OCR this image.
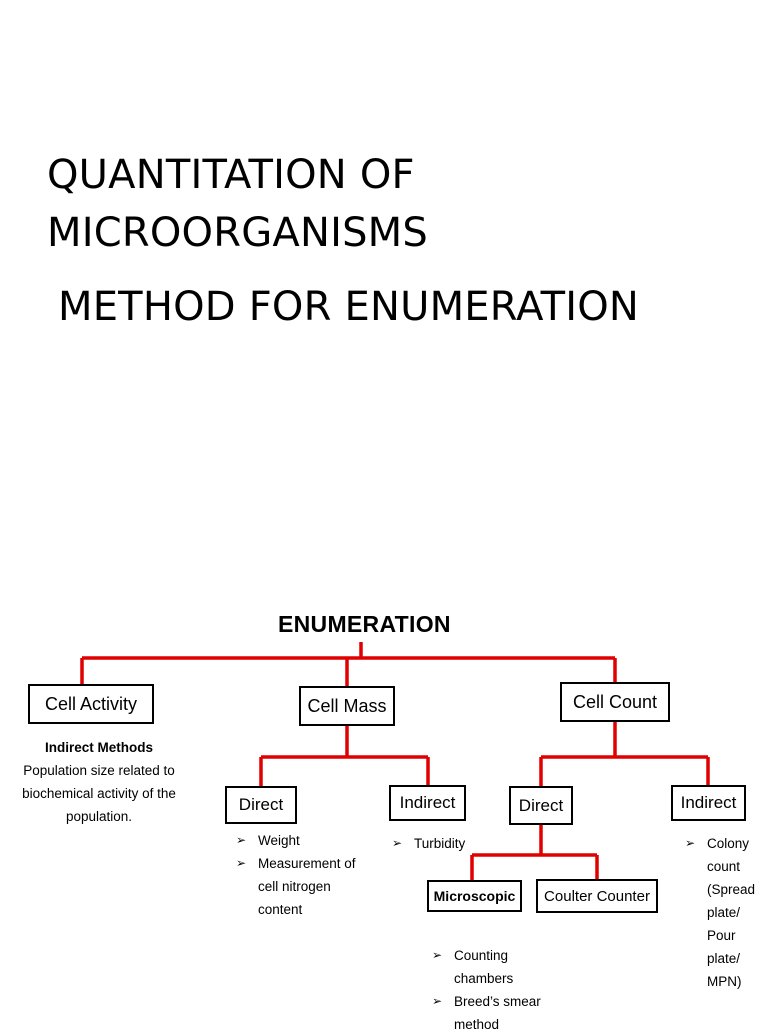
QUANTITATION OF
MICROORGANISMS
METHOD FOR ENUMERATION
ENUMERATION
Cell Activity	Cell Mass	Cell Count
Direct	Indirect	Direct	Indirect
Microscopic	Coulter Counter
Indirect Methods
Population size related to
biochemical activity of the
population.
➢ Weight
➢ Measurement of cell nitrogen content
➢ Turbidity
➢	Colony count (Spread plate/ Pour plate/ MPN)
➢ Counting chambers
➢ Breed’s smear method
